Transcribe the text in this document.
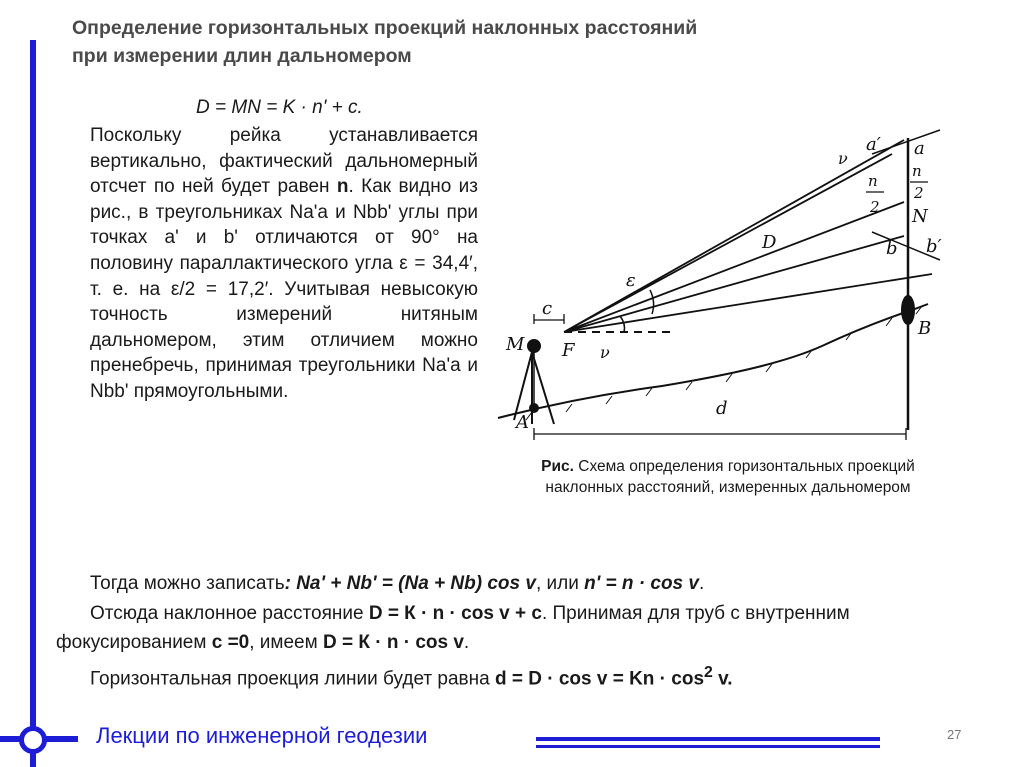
Определение горизонтальных проекций наклонных расстояний
при измерении длин дальномером
D = MN = K · n' + c.
Поскольку рейка устанавливается вертикально, фактический дальномерный отсчет по ней будет равен n. Как видно из рис., в треугольниках Na'a и Nbb' углы при точках a' и b' отличаются от 90° на половину параллактического угла ε = 34,4′, т. е. на ε/2 = 17,2′. Учитывая невысокую точность измерений нитяным дальномером, этим отличием можно пренебречь, принимая треугольники Na'a и Nbb' прямоугольными.
M F
A
B
c
d
D
ε
ν
ν
N
a
a′
b b′
n
2
n
2
Рис. Схема определения горизонтальных проекций наклонных расстояний, измеренных дальномером

Тогда можно записать: Na' + Nb' = (Na + Nb) cos v, или n' = n · cos v.

Отсюда наклонное расстояние D = К · n · cos v + c. Принимая для труб с внутренним фокусированием c =0, имеем D = К · n · cos v.

Горизонтальная проекция линии будет равна $d = D \cdot \cos v = Kn \cdot \cos^2 v$.

Лекции по инженерной геодезии	27
